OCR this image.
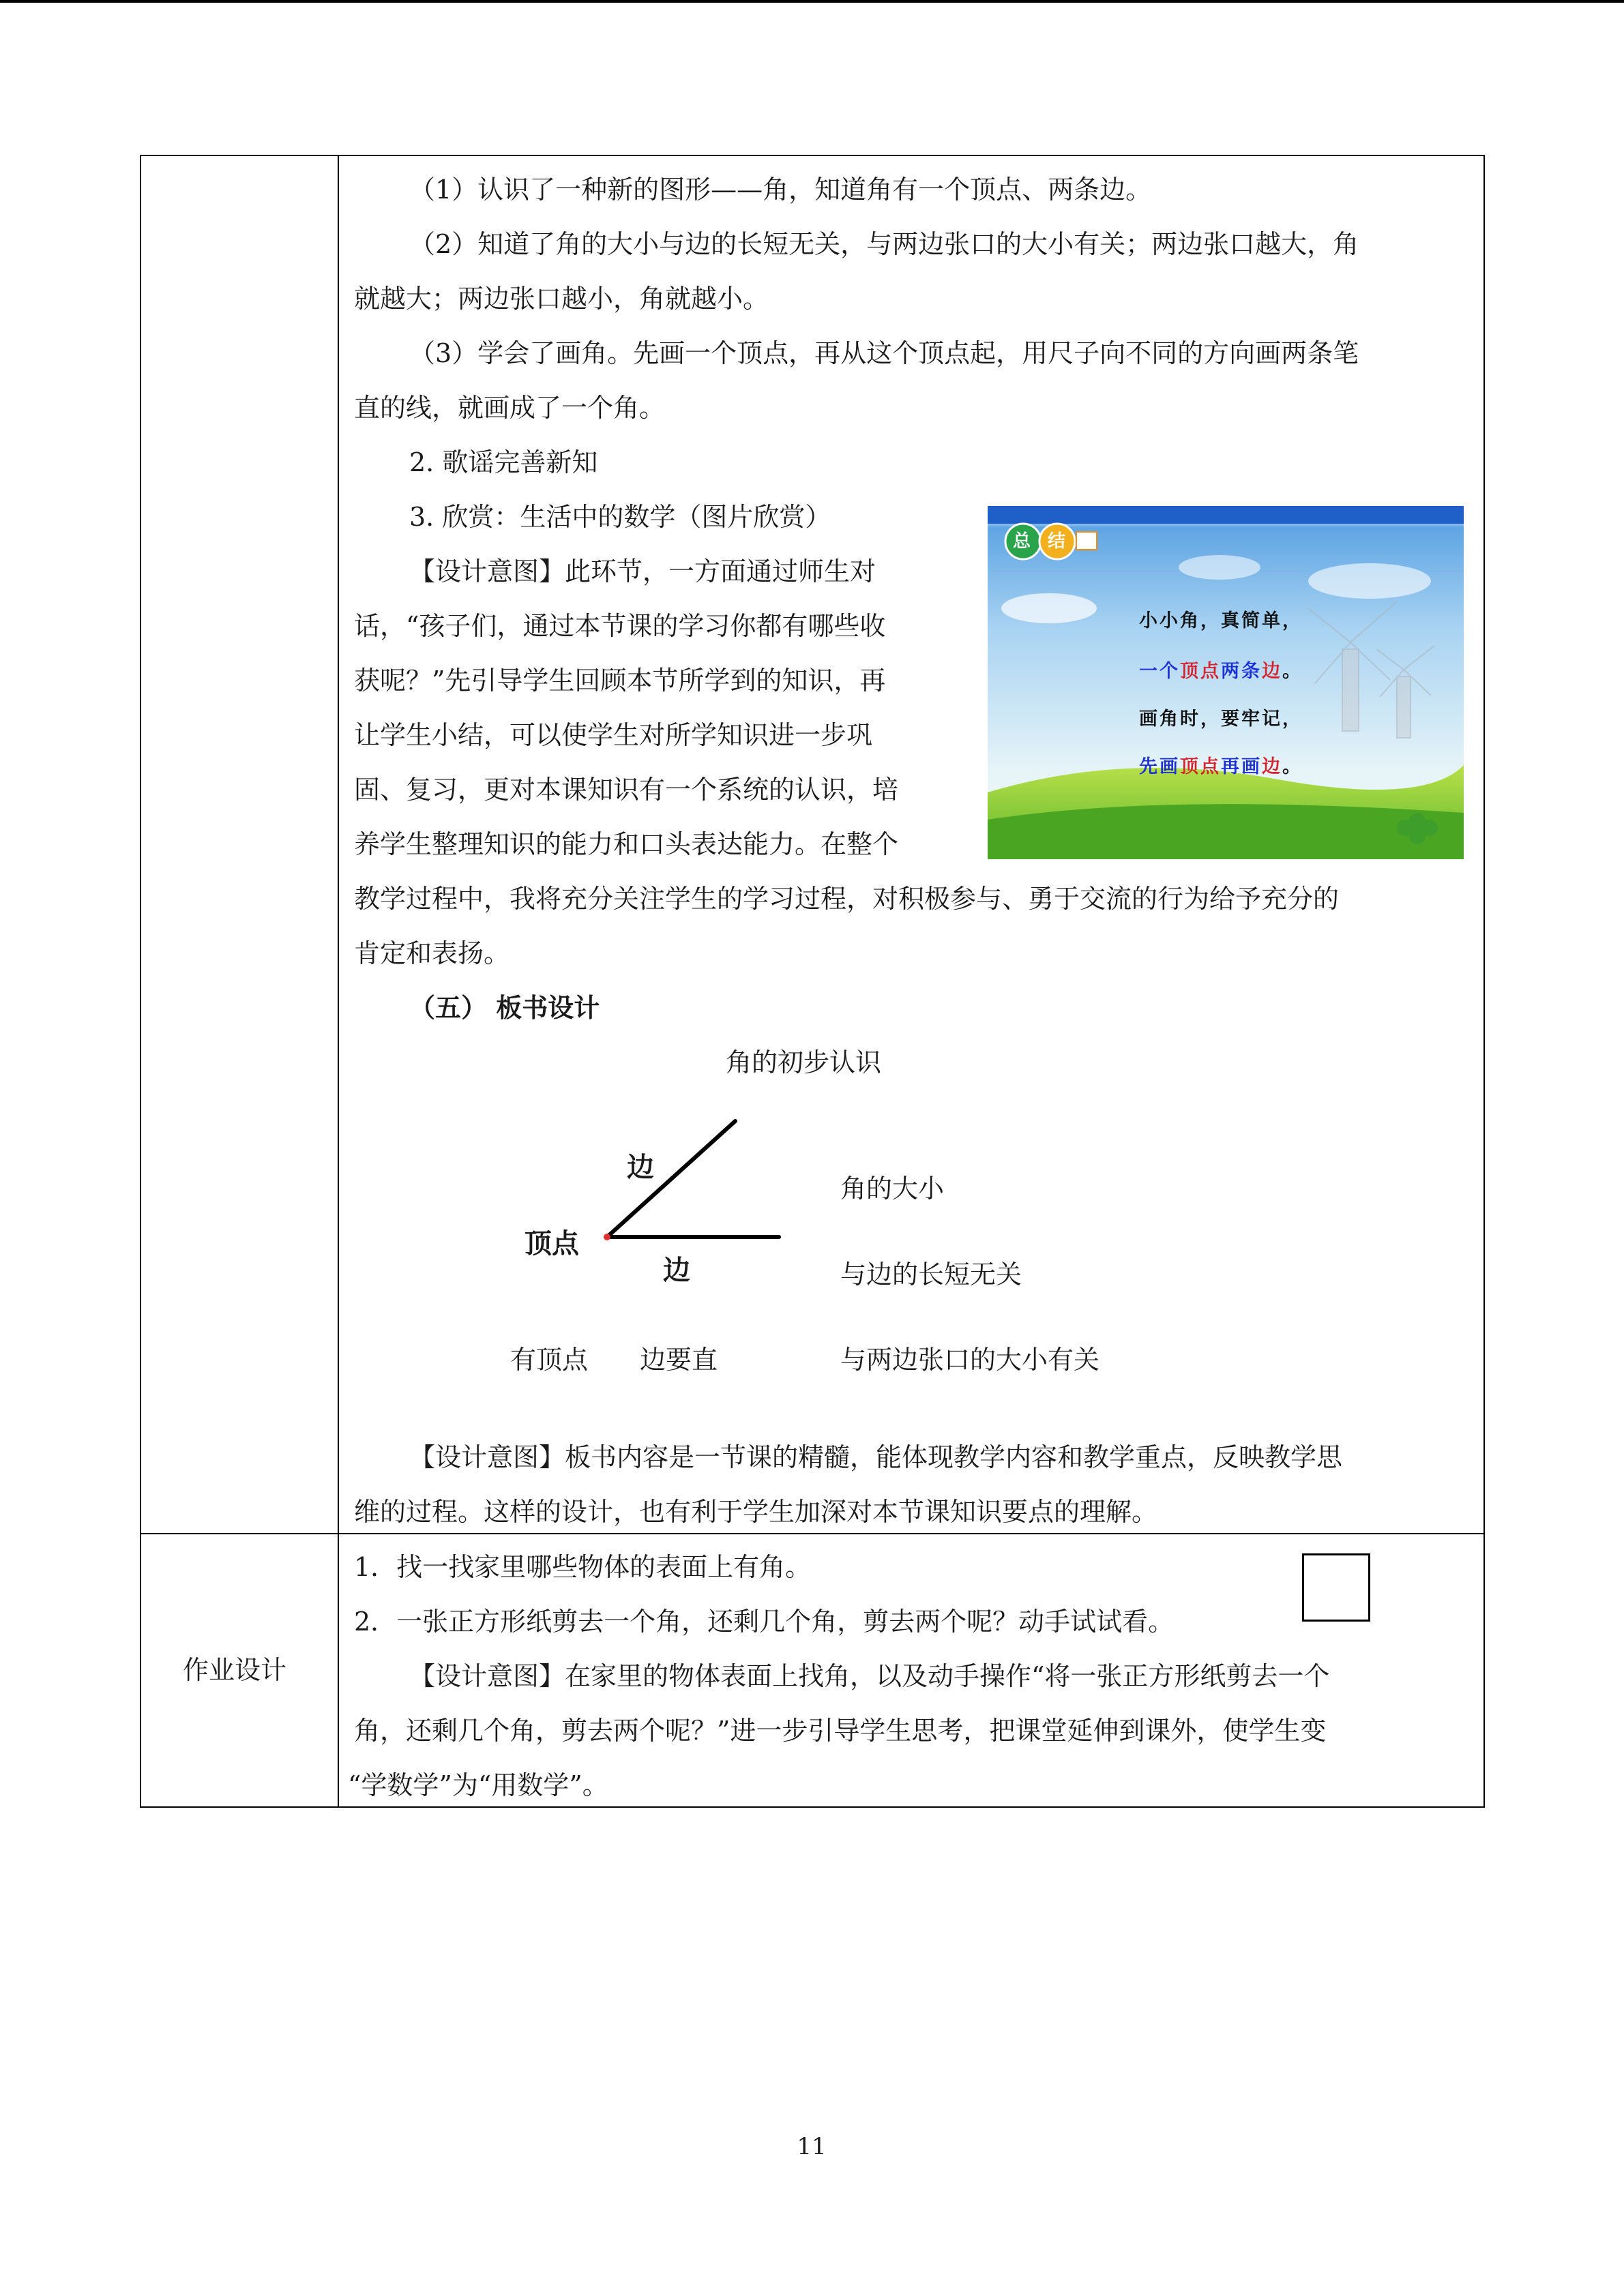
（1）认识了一种新的图形——角，知道角有一个顶点、两条边。
（2）知道了角的大小与边的长短无关，与两边张口的大小有关；两边张口越大，角
就越大；两边张口越小，角就越小。
（3）学会了画角。先画一个顶点，再从这个顶点起，用尺子向不同的方向画两条笔
直的线，就画成了一个角。
2. 歌谣完善新知
3. 欣赏：生活中的数学（图片欣赏）
【设计意图】此环节，一方面通过师生对
话，“孩子们，通过本节课的学习你都有哪些收
获呢？”先引导学生回顾本节所学到的知识，再
让学生小结，可以使学生对所学知识进一步巩
固、复习，更对本课知识有一个系统的认识，培
养学生整理知识的能力和口头表达能力。在整个
教学过程中，我将充分关注学生的学习过程，对积极参与、勇于交流的行为给予充分的
肯定和表扬。
总 结
小小角，真简单，
一个顶点两条边。
画角时，要牢记，
先画顶点再画边。
（五） 板书设计
角的初步认识
边
顶点
边
角的大小
与边的长短无关
与两边张口的大小有关
有顶点 边要直
【设计意图】板书内容是一节课的精髓，能体现教学内容和教学重点，反映教学思
维的过程。这样的设计，也有利于学生加深对本节课知识要点的理解。
作业设计
1．找一找家里哪些物体的表面上有角。
2．一张正方形纸剪去一个角，还剩几个角，剪去两个呢？动手试试看。
【设计意图】在家里的物体表面上找角，以及动手操作“将一张正方形纸剪去一个
角，还剩几个角，剪去两个呢？”进一步引导学生思考，把课堂延伸到课外，使学生变
“学数学”为“用数学”。
11
